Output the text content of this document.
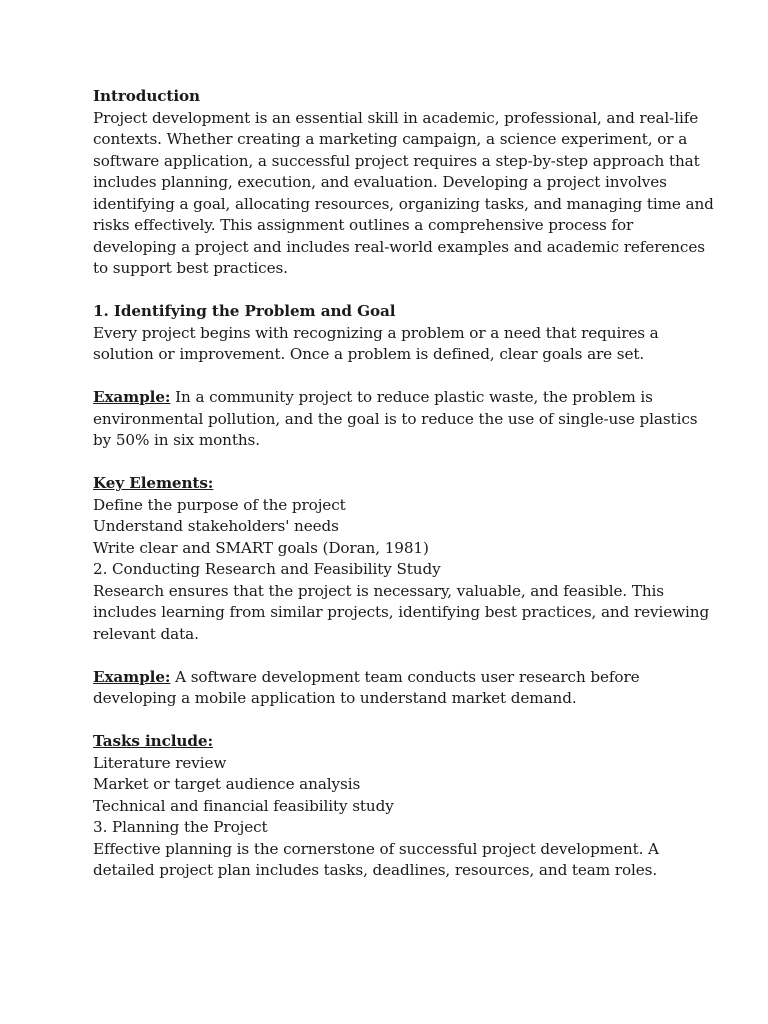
Introduction
Project development is an essential skill in academic, professional, and real-life
contexts. Whether creating a marketing campaign, a science experiment, or a
software application, a successful project requires a step-by-step approach that
includes planning, execution, and evaluation. Developing a project involves
identifying a goal, allocating resources, organizing tasks, and managing time and
risks effectively. This assignment outlines a comprehensive process for
developing a project and includes real-world examples and academic references
to support best practices.
1. Identifying the Problem and Goal
Every project begins with recognizing a problem or a need that requires a
solution or improvement. Once a problem is defined, clear goals are set.
Example: In a community project to reduce plastic waste, the problem is
environmental pollution, and the goal is to reduce the use of single-use plastics
by 50% in six months.
Key Elements:
Define the purpose of the project
Understand stakeholders' needs
Write clear and SMART goals (Doran, 1981)
2. Conducting Research and Feasibility Study
Research ensures that the project is necessary, valuable, and feasible. This
includes learning from similar projects, identifying best practices, and reviewing
relevant data.
Example: A software development team conducts user research before
developing a mobile application to understand market demand.
Tasks include:
Literature review
Market or target audience analysis
Technical and financial feasibility study
3. Planning the Project
Effective planning is the cornerstone of successful project development. A
detailed project plan includes tasks, deadlines, resources, and team roles.
